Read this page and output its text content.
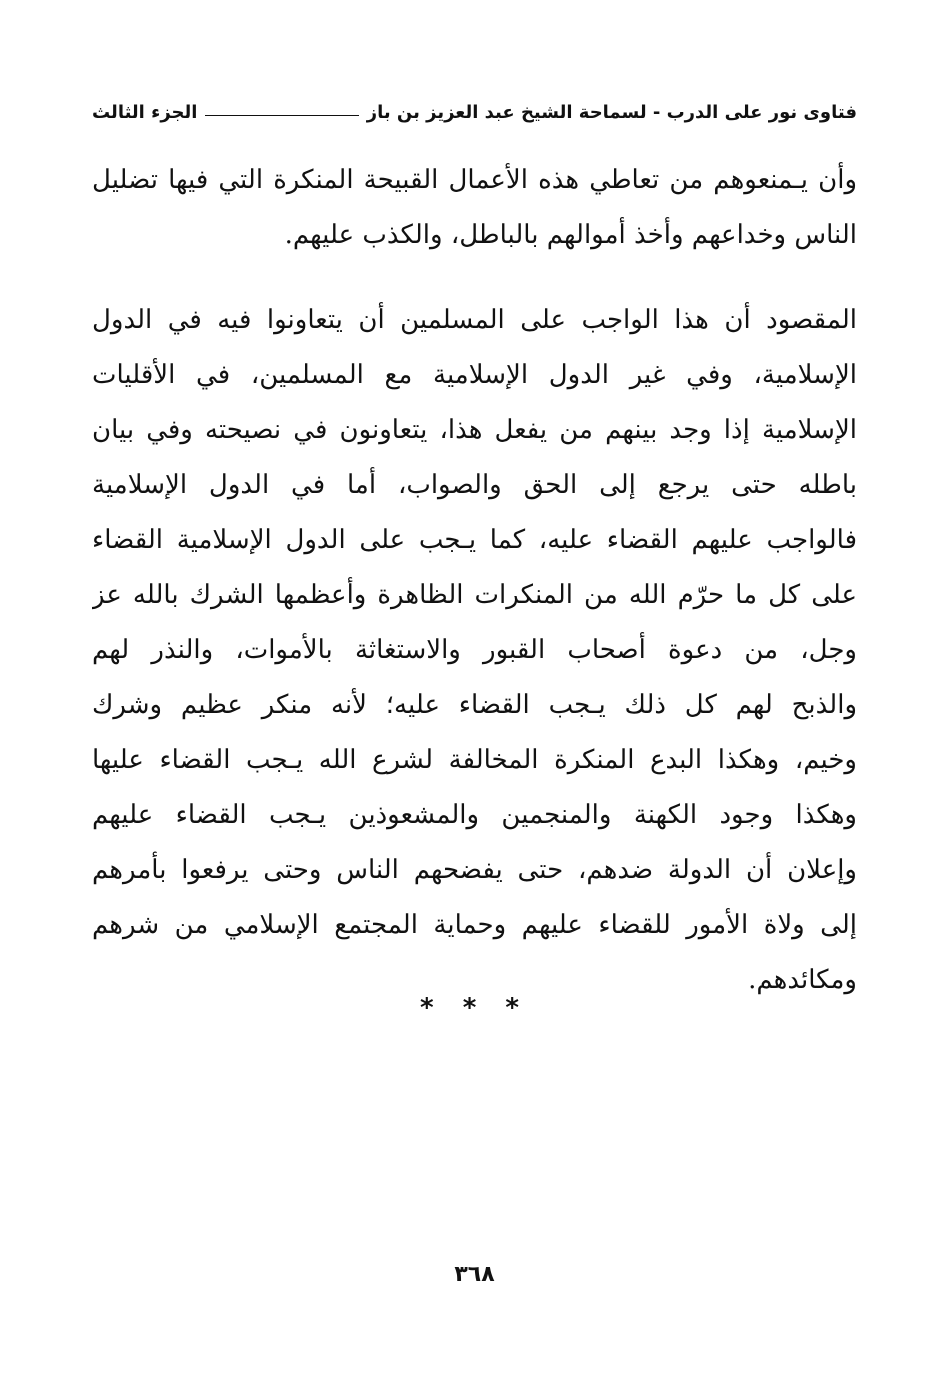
فتاوى نور على الدرب - لسماحة الشيخ عبد العزيز بن باز
الجزء الثالث
وأن يـمنعوهم من تعاطي هذه الأعمال القبيحة المنكرة التي فيها تضليل
الناس وخداعهم وأخذ أموالهم بالباطل، والكذب عليهم.
المقصود أن هذا الواجب على المسلمين أن يتعاونوا فيه في الدول
الإسلامية، وفي غير الدول الإسلامية مع المسلمين، في الأقليات
الإسلامية إذا وجد بينهم من يفعل هذا، يتعاونون في نصيحته وفي بيان
باطله حتى يرجع إلى الحق والصواب، أما في الدول الإسلامية
فالواجب عليهم القضاء عليه، كما يـجب على الدول الإسلامية القضاء
على كل ما حرّم الله من المنكرات الظاهرة وأعظمها الشرك بالله عز
وجل، من دعوة أصحاب القبور والاستغاثة بالأموات، والنذر لهم
والذبح لهم كل ذلك يـجب القضاء عليه؛ لأنه منكر عظيم وشرك
وخيم، وهكذا البدع المنكرة المخالفة لشرع الله يـجب القضاء عليها
وهكذا وجود الكهنة والمنجمين والمشعوذين يـجب القضاء عليهم
وإعلان أن الدولة ضدهم، حتى يفضحهم الناس وحتى يرفعوا بأمرهم
إلى ولاة الأمور للقضاء عليهم وحماية المجتمع الإسلامي من شرهم
ومكائدهم.
* * *
٣٦٨
